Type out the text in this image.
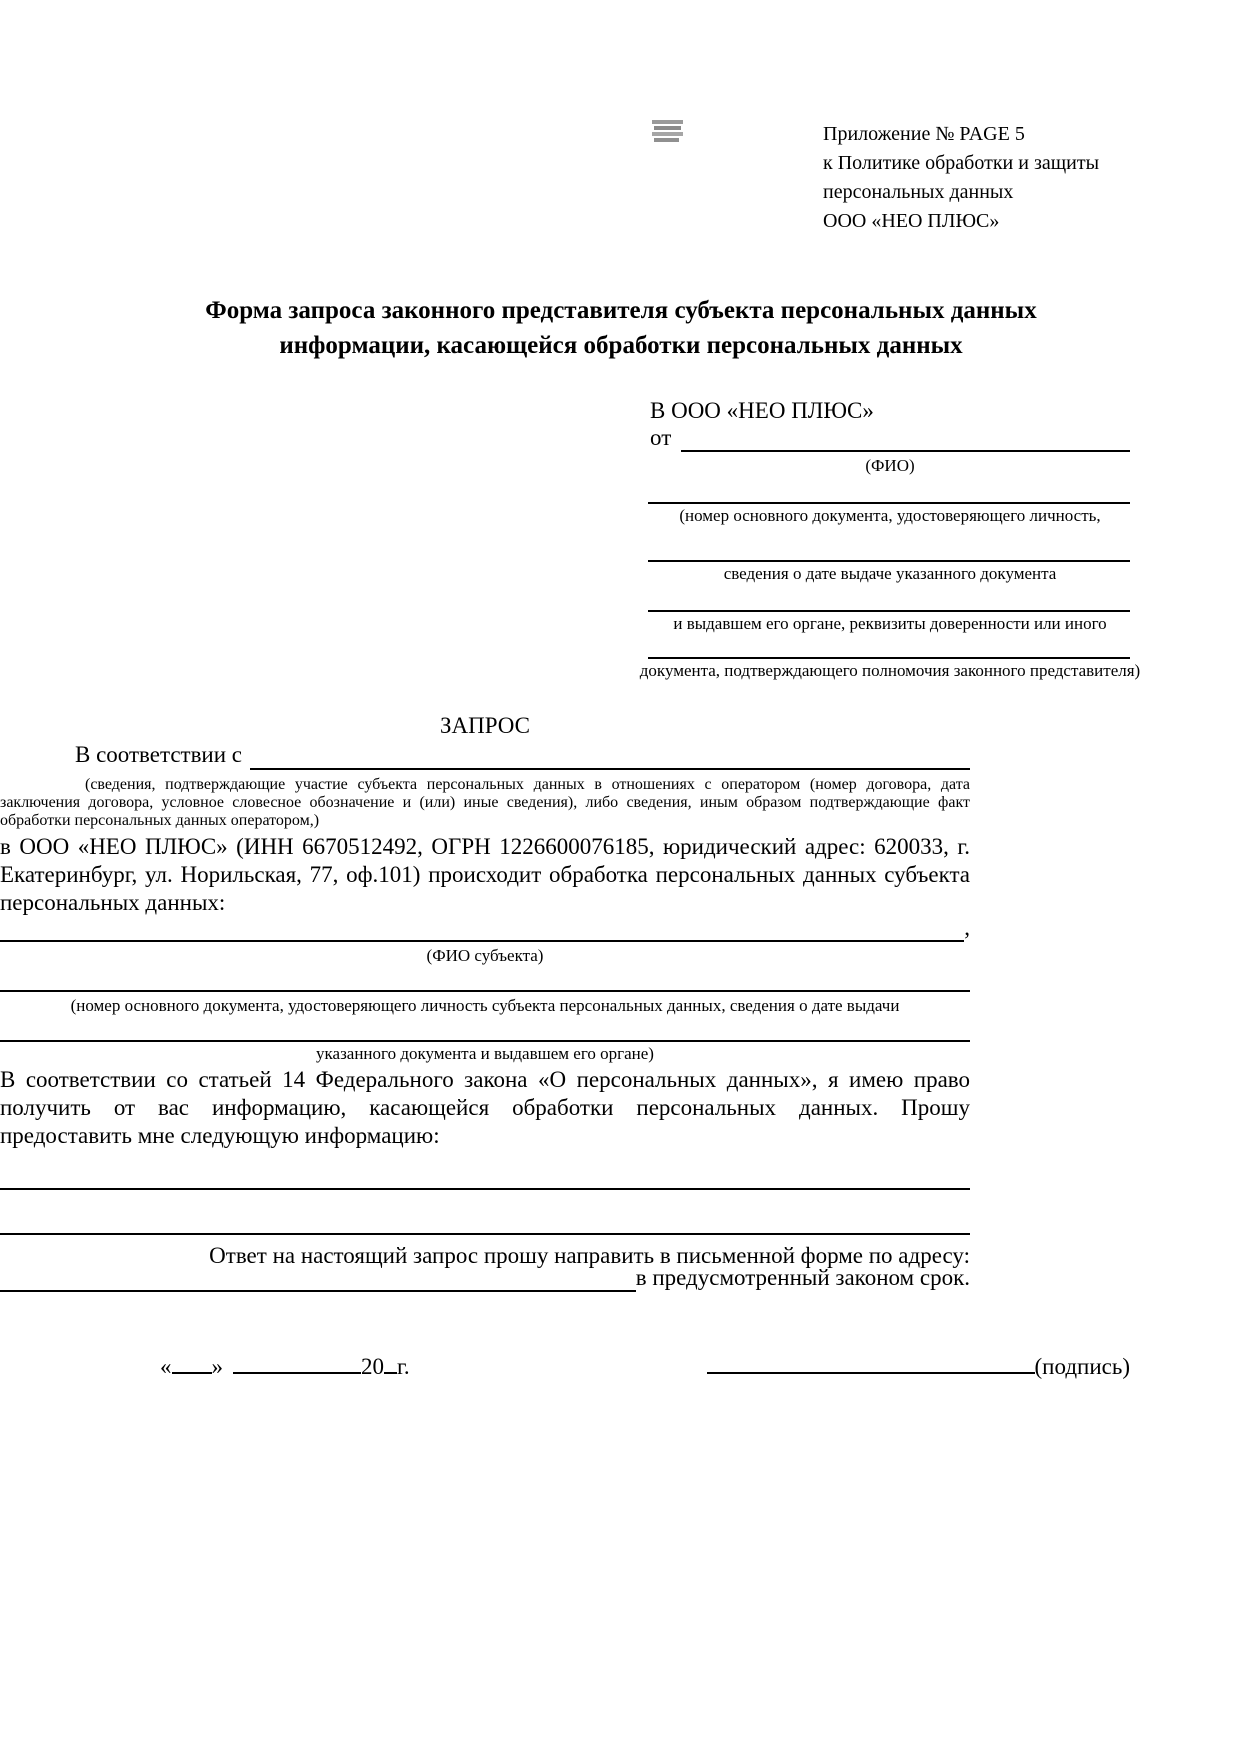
Приложение № PAGE 5
к Политике обработки и защиты
персональных данных
ООО «НЕО ПЛЮС»
Форма запроса законного представителя субъекта персональных данных
информации, касающейся обработки персональных данных
В ООО «НЕО ПЛЮС»
от
(ФИО)
(номер основного документа, удостоверяющего личность,
сведения о дате выдаче указанного документа
и выдавшем его органе, реквизиты доверенности или иного
документа, подтверждающего полномочия законного представителя)
ЗАПРОС
В соответствии с
(сведения, подтверждающие участие субъекта персональных данных в отношениях с оператором (номер договора, дата заключения договора, условное словесное обозначение и (или) иные сведения), либо сведения, иным образом подтверждающие факт обработки персональных данных оператором,)
в ООО «НЕО ПЛЮС» (ИНН 6670512492, ОГРН 1226600076185, юридический адрес: 620033, г. Екатеринбург, ул. Норильская, 77, оф.101) происходит обработка персональных данных субъекта персональных данных:
,
(ФИО субъекта)
(номер основного документа, удостоверяющего личность субъекта персональных данных, сведения о дате выдачи
указанного документа и выдавшем его органе)
В соответствии со статьей 14 Федерального закона «О персональных данных», я имею право получить от вас информацию, касающейся обработки персональных данных. Прошу предоставить мне следующую информацию:
Ответ на настоящий запрос прошу направить в письменной форме по адресу:
в предусмотренный законом срок.
« »	20 г.	(подпись)
